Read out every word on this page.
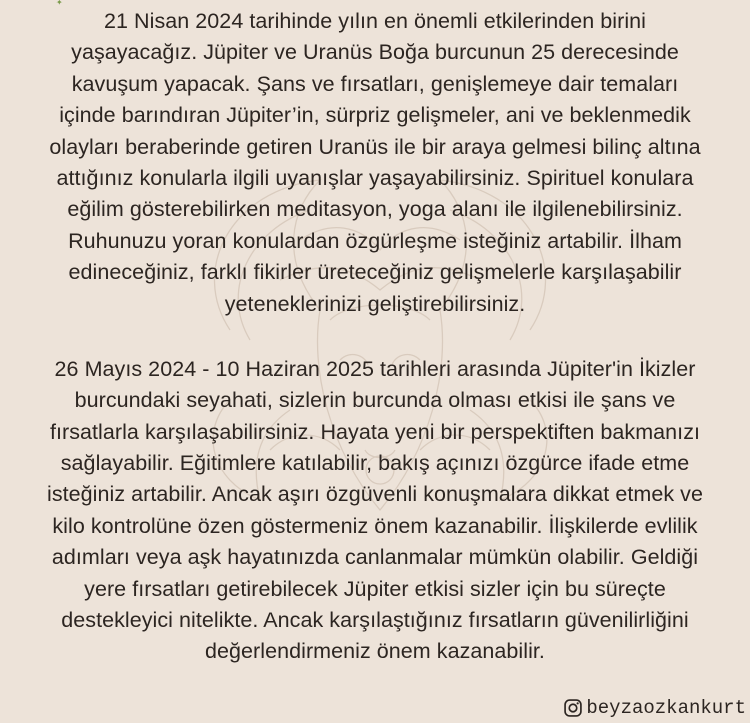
✦
21 Nisan 2024 tarihinde yılın en önemli etkilerinden birini
yaşayacağız. Jüpiter ve Uranüs Boğa burcunun 25 derecesinde
kavuşum yapacak. Şans ve fırsatları, genişlemeye dair temaları
içinde barındıran Jüpiter’in, sürpriz gelişmeler, ani ve beklenmedik
olayları beraberinde getiren Uranüs ile bir araya gelmesi bilinç altına
attığınız konularla ilgili uyanışlar yaşayabilirsiniz. Spirituel konulara
eğilim gösterebilirken meditasyon, yoga alanı ile ilgilenebilirsiniz.
Ruhunuzu yoran konulardan özgürleşme isteğiniz artabilir. İlham
edineceğiniz, farklı fikirler üreteceğiniz gelişmelerle karşılaşabilir
yeteneklerinizi geliştirebilirsiniz.
26 Mayıs 2024 - 10 Haziran 2025 tarihleri arasında Jüpiter'in İkizler
burcundaki seyahati, sizlerin burcunda olması etkisi ile şans ve
fırsatlarla karşılaşabilirsiniz. Hayata yeni bir perspektiften bakmanızı
sağlayabilir. Eğitimlere katılabilir, bakış açınızı özgürce ifade etme
isteğiniz artabilir. Ancak aşırı özgüvenli konuşmalara dikkat etmek ve
kilo kontrolüne özen göstermeniz önem kazanabilir. İlişkilerde evlilik
adımları veya aşk hayatınızda canlanmalar mümkün olabilir. Geldiği
yere fırsatları getirebilecek Jüpiter etkisi sizler için bu süreçte
destekleyici nitelikte. Ancak karşılaştığınız fırsatların güvenilirliğini
değerlendirmeniz önem kazanabilir.
beyzaozkankurt
